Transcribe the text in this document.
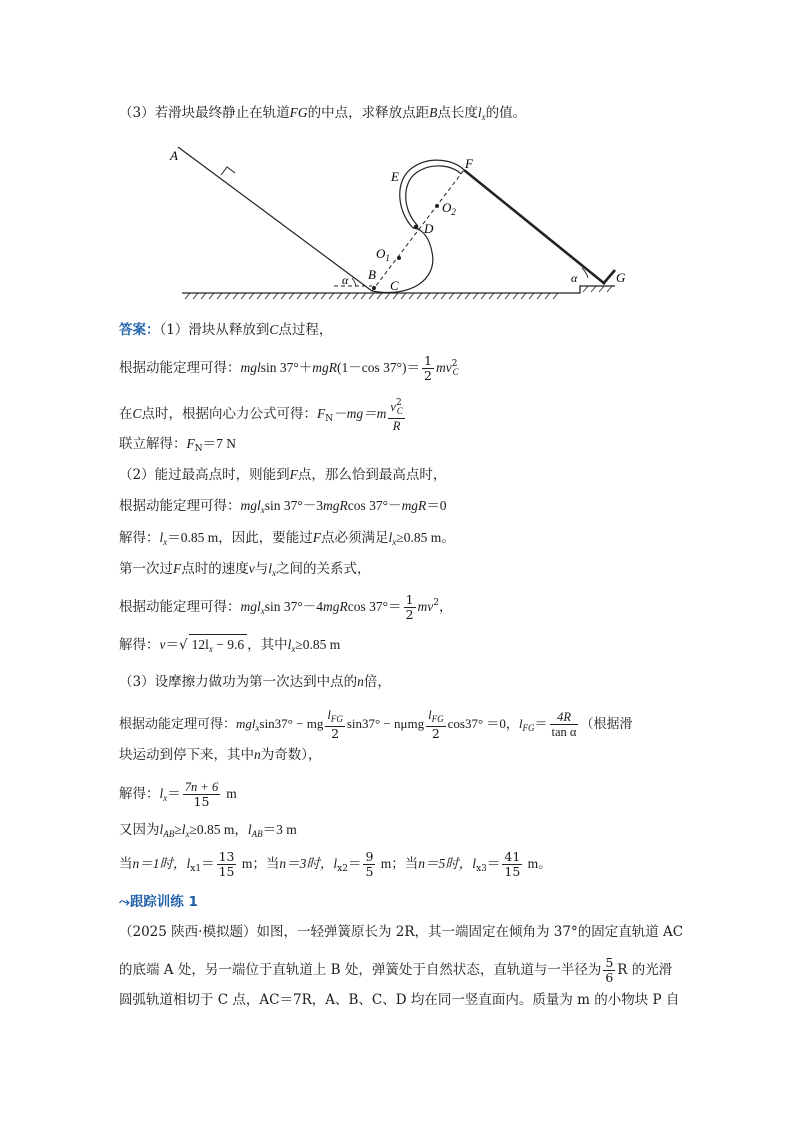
（3）若滑块最终静止在轨道FG的中点，求释放点距B点长度$l_x$的值。
A
E
F
$O_2$
D
$O_1$
B
C
α	α	G
答案：（1）滑块从释放到C点过程，
根据动能定理可得：mglsin 37°＋mgR(1－cos $37^\circ)= \frac{1}{2} mv^2_C$
在C点时，根据向心力公式可得：$F_N-mg=m \frac{v^2_C}{R}$
联立解得：$F_N=7$ N
（2）能过最高点时，则能到F点，那么恰到最高点时，
根据动能定理可得：mgl$_x$sin 37°－3mgRcos 37°－mgR＝0
解得：$l_x=0.85$ m，因此，要能过F点必须满足$l_x\ge 0.85$ m。
第一次过F点时的速度v与$l_x$之间的关系式，
根据动能定理可得：mgl$_x$sin 37°－4mgRcos $37^\circ= \frac{1}{2} mv^2$，
解得：v＝√ $12l_x - 9.6$ ，其中$l_x\ge 0.85$ m
（3）设摩擦力做功为第一次达到中点的n倍，
根据动能定理可得：mgl$_x$sin37° − mg $\frac{l_{FG}}{2} \sin 37^\circ - n\mu mg \frac{l_{FG}}{2} \cos 37^\circ =0$，$l_{FG}= \frac{4R}{\text{tan α}}$ （根据滑
块运动到停下来，其中n为奇数），
解得：$l_x= \frac{7n + 6}{15}$ m
又因为$l_{AB}\ge l_x\ge 0.85$ m，$l_{AB}=3$ m
当n＝1时，$l_{x1}= \frac{13}{15}$ m；当n＝3时，$l_{x2}= \frac{9}{5}$ m；当n＝5时，$l_{x3}= \frac{41}{15}$ m。
⤳跟踪训练 1
（2025 陕西·模拟题）如图，一轻弹簧原长为 2R，其一端固定在倾角为 37°的固定直轨道 AC
的底端 A 处，另一端位于直轨道上 B 处，弹簧处于自然状态，直轨道与一半径为 $\frac{5}{6}$ R 的光滑
圆弧轨道相切于 C 点，AC＝7R，A、B、C、D 均在同一竖直面内。质量为 m 的小物块 P 自
